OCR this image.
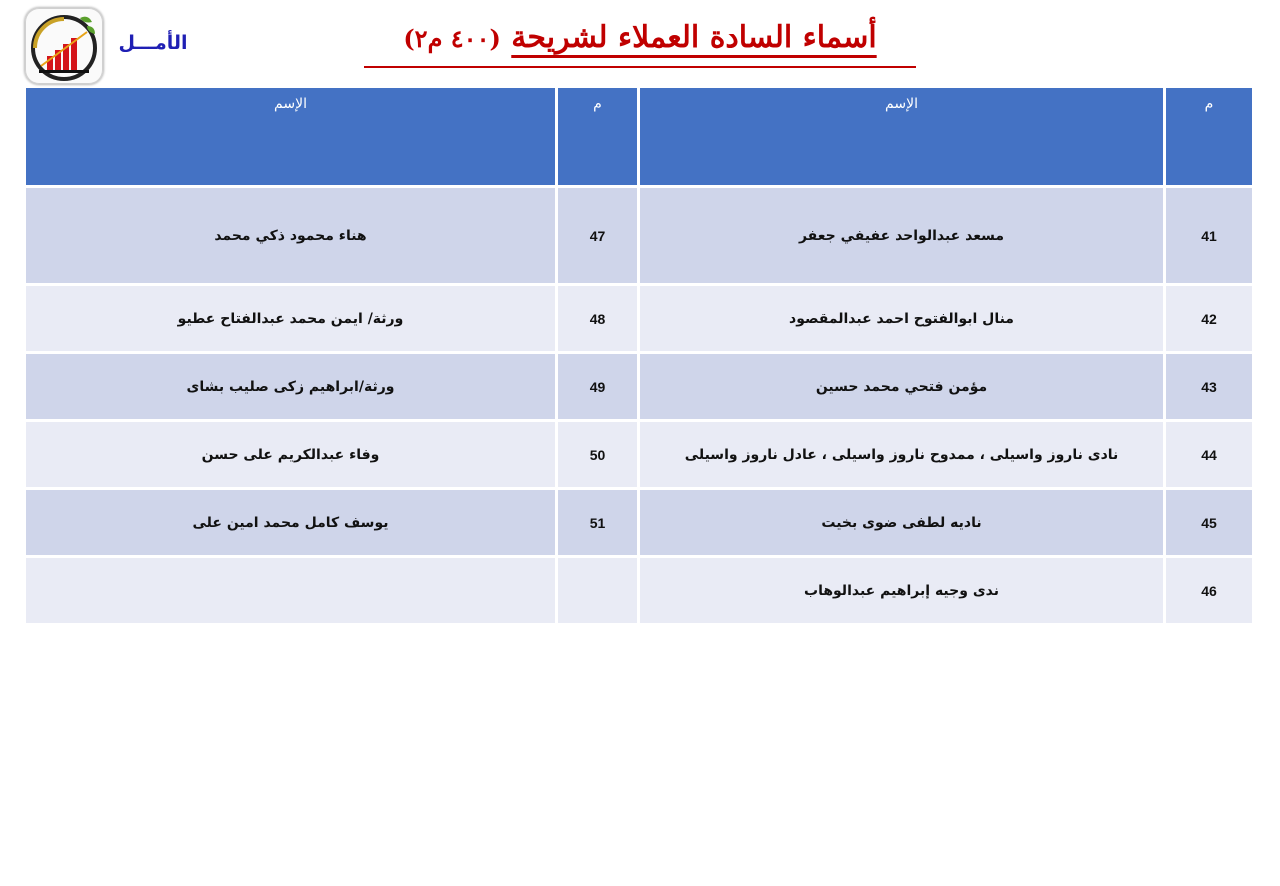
الأمـــل	أسماء السادة العملاء لشريحة (٤٠٠ م٢)
م	الإسم	م	الإسم
41	مسعد عبدالواحد عفيفي جعفر	47	هناء محمود ذكي محمد
42	منال ابوالفتوح احمد عبدالمقصود	48	ورثة/ ايمن محمد عبدالفتاح عطيو
43	مؤمن فتحي محمد حسين	49	ورثة/ابراهيم زكى صليب بشاى
44	نادى ناروز واسيلى ، ممدوح ناروز واسيلى ، عادل ناروز واسيلى	50	وفاء عبدالكريم على حسن
45	ناديه لطفى ضوى بخيت	51	يوسف كامل محمد امين على
46	ندى وجيه إبراهيم عبدالوهاب		
